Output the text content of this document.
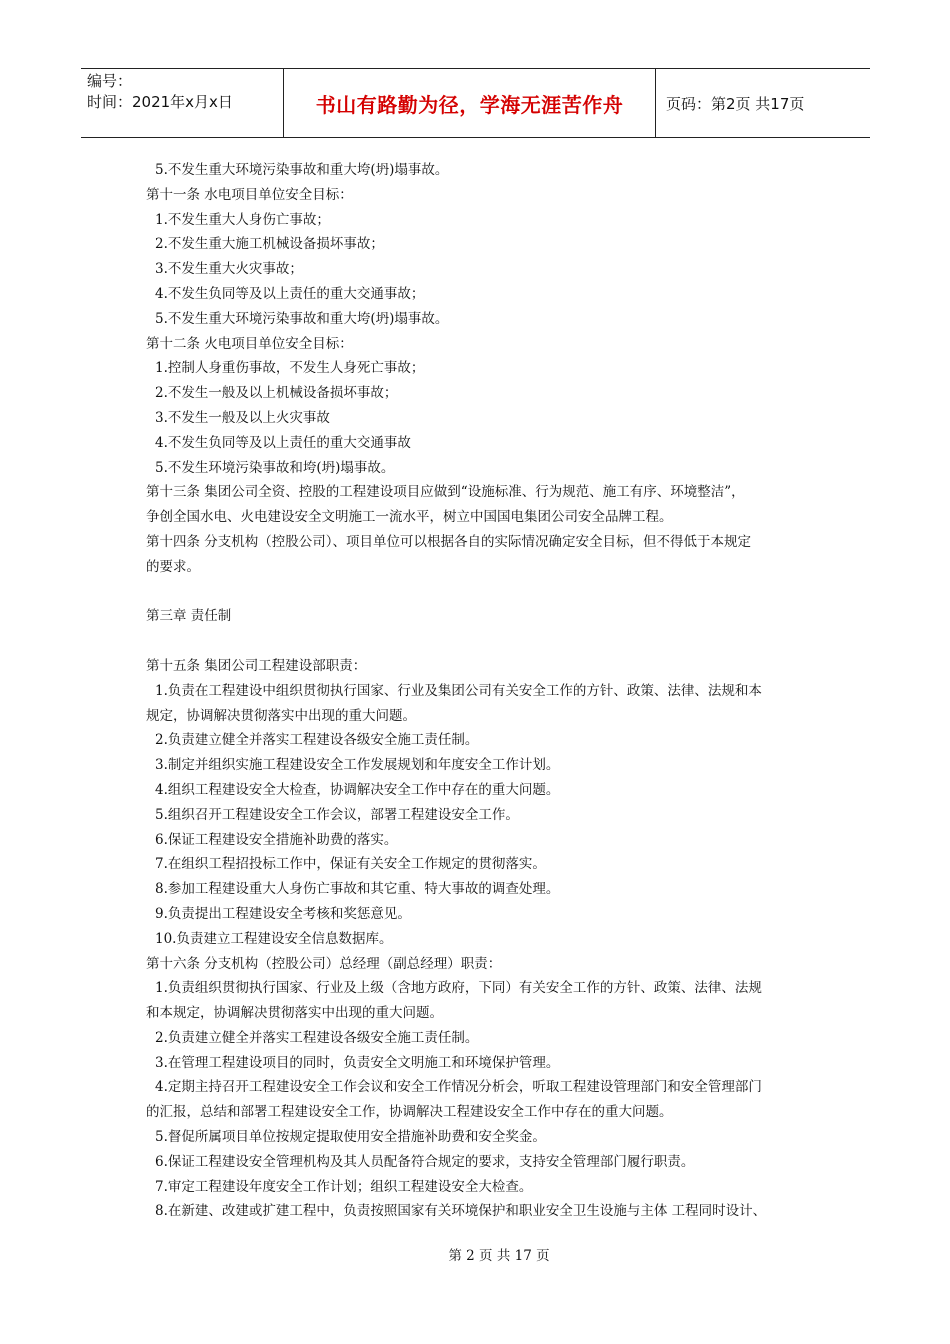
编号：
时间：2021年x月x日	书山有路勤为径，学海无涯苦作舟	页码：第2页 共17页

5.不发生重大环境污染事故和重大垮(坍)塌事故。

第十一条 水电项目单位安全目标：

1.不发生重大人身伤亡事故；

2.不发生重大施工机械设备损坏事故；

3.不发生重大火灾事故；

4.不发生负同等及以上责任的重大交通事故；

5.不发生重大环境污染事故和重大垮(坍)塌事故。

第十二条 火电项目单位安全目标：

1.控制人身重伤事故，不发生人身死亡事故；

2.不发生一般及以上机械设备损坏事故；

3.不发生一般及以上火灾事故

4.不发生负同等及以上责任的重大交通事故

5.不发生环境污染事故和垮(坍)塌事故。

第十三条 集团公司全资、控股的工程建设项目应做到“设施标准、行为规范、施工有序、环境整洁”，

争创全国水电、火电建设安全文明施工一流水平，树立中国国电集团公司安全品牌工程。

第十四条 分支机构（控股公司）、项目单位可以根据各自的实际情况确定安全目标，但不得低于本规定

的要求。

第三章 责任制

第十五条 集团公司工程建设部职责：

1.负责在工程建设中组织贯彻执行国家、行业及集团公司有关安全工作的方针、政策、法律、法规和本

规定，协调解决贯彻落实中出现的重大问题。

2.负责建立健全并落实工程建设各级安全施工责任制。

3.制定并组织实施工程建设安全工作发展规划和年度安全工作计划。

4.组织工程建设安全大检查，协调解决安全工作中存在的重大问题。

5.组织召开工程建设安全工作会议，部署工程建设安全工作。

6.保证工程建设安全措施补助费的落实。

7.在组织工程招投标工作中，保证有关安全工作规定的贯彻落实。

8.参加工程建设重大人身伤亡事故和其它重、特大事故的调查处理。

9.负责提出工程建设安全考核和奖惩意见。

10.负责建立工程建设安全信息数据库。

第十六条 分支机构（控股公司）总经理（副总经理）职责：

1.负责组织贯彻执行国家、行业及上级（含地方政府，下同）有关安全工作的方针、政策、法律、法规

和本规定，协调解决贯彻落实中出现的重大问题。

2.负责建立健全并落实工程建设各级安全施工责任制。

3.在管理工程建设项目的同时，负责安全文明施工和环境保护管理。

4.定期主持召开工程建设安全工作会议和安全工作情况分析会，听取工程建设管理部门和安全管理部门

的汇报，总结和部署工程建设安全工作，协调解决工程建设安全工作中存在的重大问题。

5.督促所属项目单位按规定提取使用安全措施补助费和安全奖金。

6.保证工程建设安全管理机构及其人员配备符合规定的要求，支持安全管理部门履行职责。

7.审定工程建设年度安全工作计划；组织工程建设安全大检查。

8.在新建、改建或扩建工程中，负责按照国家有关环境保护和职业安全卫生设施与主体 工程同时设计、

第 2 页 共 17 页
